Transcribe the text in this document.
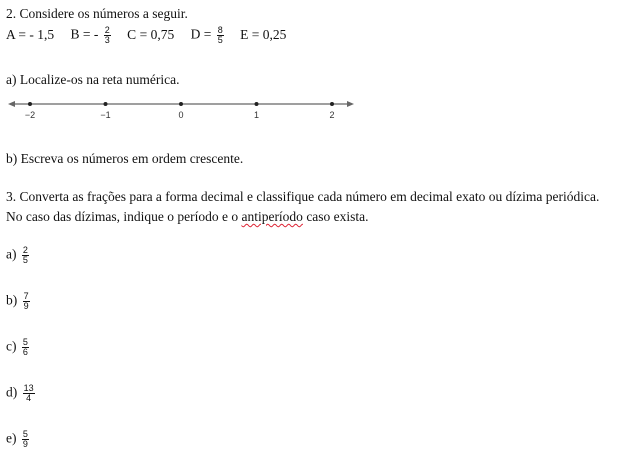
2. Considere os números a seguir.
A = - 1,5 B = - $\frac{2}{3}$ C = 0,75 $D = \frac{8}{5}$ E = 0,25
a) Localize-os na reta numérica.
−2	−1	0	1	2
b) Escreva os números em ordem crescente.
3. Converta as frações para a forma decimal e classifique cada número em decimal exato ou dízima periódica.
No caso das dízimas, indique o período e o antiperíodo caso exista.
$a) \frac{2}{5}$
$b) \frac{7}{9}$
$c) \frac{5}{6}$
$d) \frac{13}{4}$
$e) \frac{5}{9}$
